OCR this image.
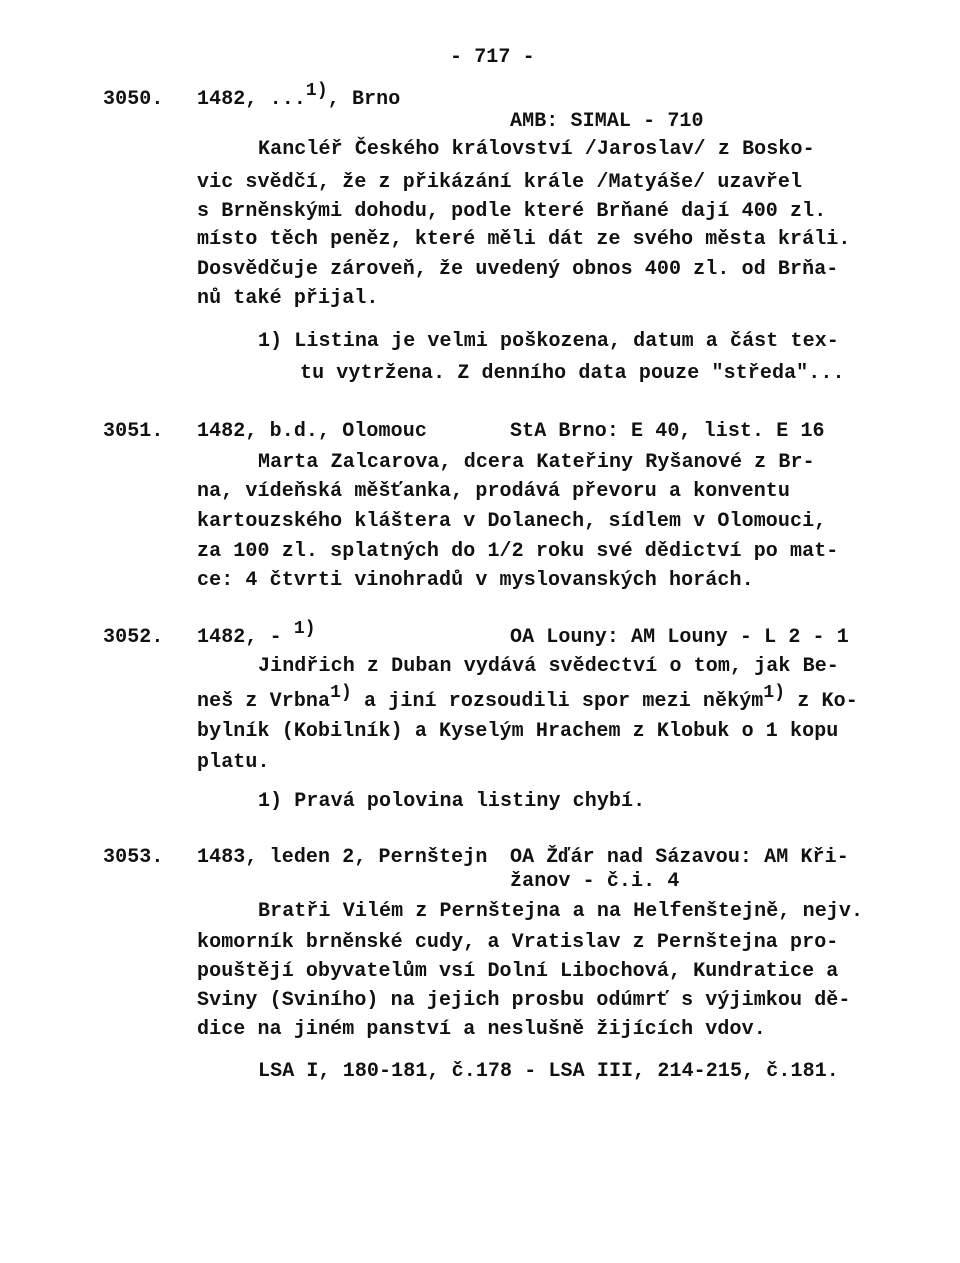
- 717 -
3050. 1482, ...1), Brno
AMB: SIMAL - 710
Kancléř Českého království /Jaroslav/ z Bosko-
vic svědčí, že z přikázání krále /Matyáše/ uzavřel
s Brněnskými dohodu, podle které Brňané dají 400 zl.
místo těch peněz, které měli dát ze svého města králi.
Dosvědčuje zároveň, že uvedený obnos 400 zl. od Brňa-
nů také přijal.
1) Listina je velmi poškozena, datum a část tex-
tu vytržena. Z denního data pouze "středa"...
3051. 1482, b.d., Olomouc	StA Brno: E 40, list. E 16
Marta Zalcarova, dcera Kateřiny Ryšanové z Br-
na, vídeňská měšťanka, prodává převoru a konventu
kartouzského kláštera v Dolanech, sídlem v Olomouci,
za 100 zl. splatných do 1/2 roku své dědictví po mat-
ce: 4 čtvrti vinohradů v myslovanských horách.
3052. 1482, - 1)	OA Louny: AM Louny - L 2 - 1
Jindřich z Duban vydává svědectví o tom, jak Be-
neš z Vrbna1) a jiní rozsoudili spor mezi někým1) z Ko-
bylník (Kobilník) a Kyselým Hrachem z Klobuk o 1 kopu
platu.
1) Pravá polovina listiny chybí.
3053. 1483, leden 2, Pernštejn OA Žďár nad Sázavou: AM Kři-
žanov - č.i. 4
Bratři Vilém z Pernštejna a na Helfenštejně, nejv.
komorník brněnské cudy, a Vratislav z Pernštejna pro-
pouštějí obyvatelům vsí Dolní Libochová, Kundratice a
Sviny (Sviního) na jejich prosbu odúmrť s výjimkou dě-
dice na jiném panství a neslušně žijících vdov.
LSA I, 180-181, č.178 - LSA III, 214-215, č.181.
